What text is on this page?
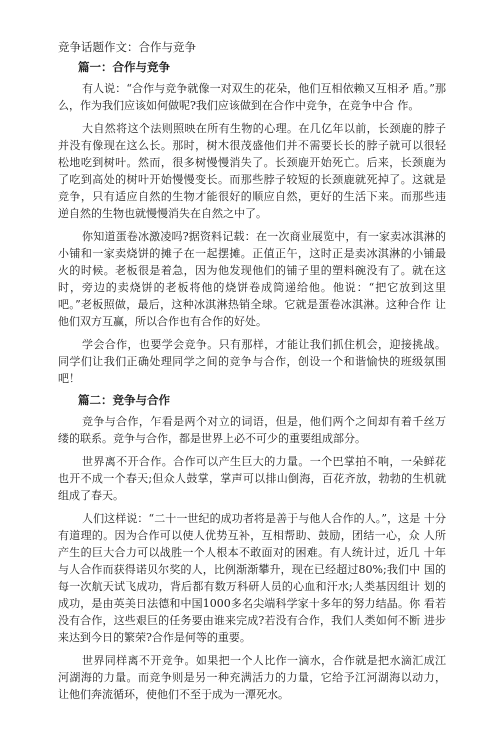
竞争话题作文：合作与竞争
篇一：合作与竞争
有人说：“合作与竞争就像一对双生的花朵，他们互相依赖又互相矛 盾。”那么，作为我们应该如何做呢?我们应该做到在合作中竞争，在竞争中合 作。
大自然将这个法则照映在所有生物的心理。在几亿年以前，长颈鹿的脖子 并没有像现在这么长。那时，树木很茂盛他们并不需要长长的脖子就可以很轻 松地吃到树叶。然而，很多树慢慢消失了。长颈鹿开始死亡。后来，长颈鹿为 了吃到高处的树叶开始慢慢变长。而那些脖子较短的长颈鹿就死掉了。这就是 竞争，只有适应自然的生物才能很好的顺应自然，更好的生活下来。而那些违 逆自然的生物也就慢慢消失在自然之中了。
你知道蛋卷冰激凌吗?据资料记载：在一次商业展览中，有一家卖冰淇淋的 小铺和一家卖烧饼的摊子在一起摆摊。正值正午，这时正是卖冰淇淋的小铺最 火的时候。老板很是着急，因为他发现他们的铺子里的塑料碗没有了。就在这 时，旁边的卖烧饼的老板将他的烧饼卷成筒递给他。他说：“把它放到这里 吧。”老板照做，最后，这种冰淇淋热销全球。它就是蛋卷冰淇淋。这种合作 让他们双方互赢，所以合作也有合作的好处。
学会合作，也要学会竞争。只有那样，才能让我们抓住机会，迎接挑战。 同学们让我们正确处理同学之间的竞争与合作，创设一个和谐愉快的班级氛围 吧！
篇二：竞争与合作
竞争与合作，乍看是两个对立的词语，但是，他们两个之间却有着千丝万 缕的联系。竞争与合作，都是世界上必不可少的重要组成部分。
世界离不开合作。合作可以产生巨大的力量。一个巴掌拍不响，一朵鲜花 也开不成一个春天;但众人鼓掌，掌声可以排山倒海，百花齐放，勃勃的生机就 组成了春天。
人们这样说：“二十一世纪的成功者将是善于与他人合作的人。”，这是 十分有道理的。因为合作可以使人优势互补，互相帮助、鼓励，团结一心，众 人所产生的巨大合力可以战胜一个人根本不敢面对的困难。有人统计过，近几 十年与人合作而获得诺贝尔奖的人，比例渐渐攀升，现在已经超过80%;我们中 国的每一次航天试飞成功，背后都有数万科研人员的心血和汗水;人类基因组计 划的成功，是由英美日法德和中国1000多名尖端科学家十多年的努力结晶。你 看若没有合作，这些艰巨的任务要由谁来完成?若没有合作，我们人类如何不断 进步来达到今日的繁荣?合作是何等的重要。
世界同样离不开竞争。如果把一个人比作一滴水，合作就是把水滴汇成江 河湖海的力量。而竞争则是另一种充满活力的力量，它给予江河湖海以动力， 让他们奔流循环，使他们不至于成为一潭死水。
